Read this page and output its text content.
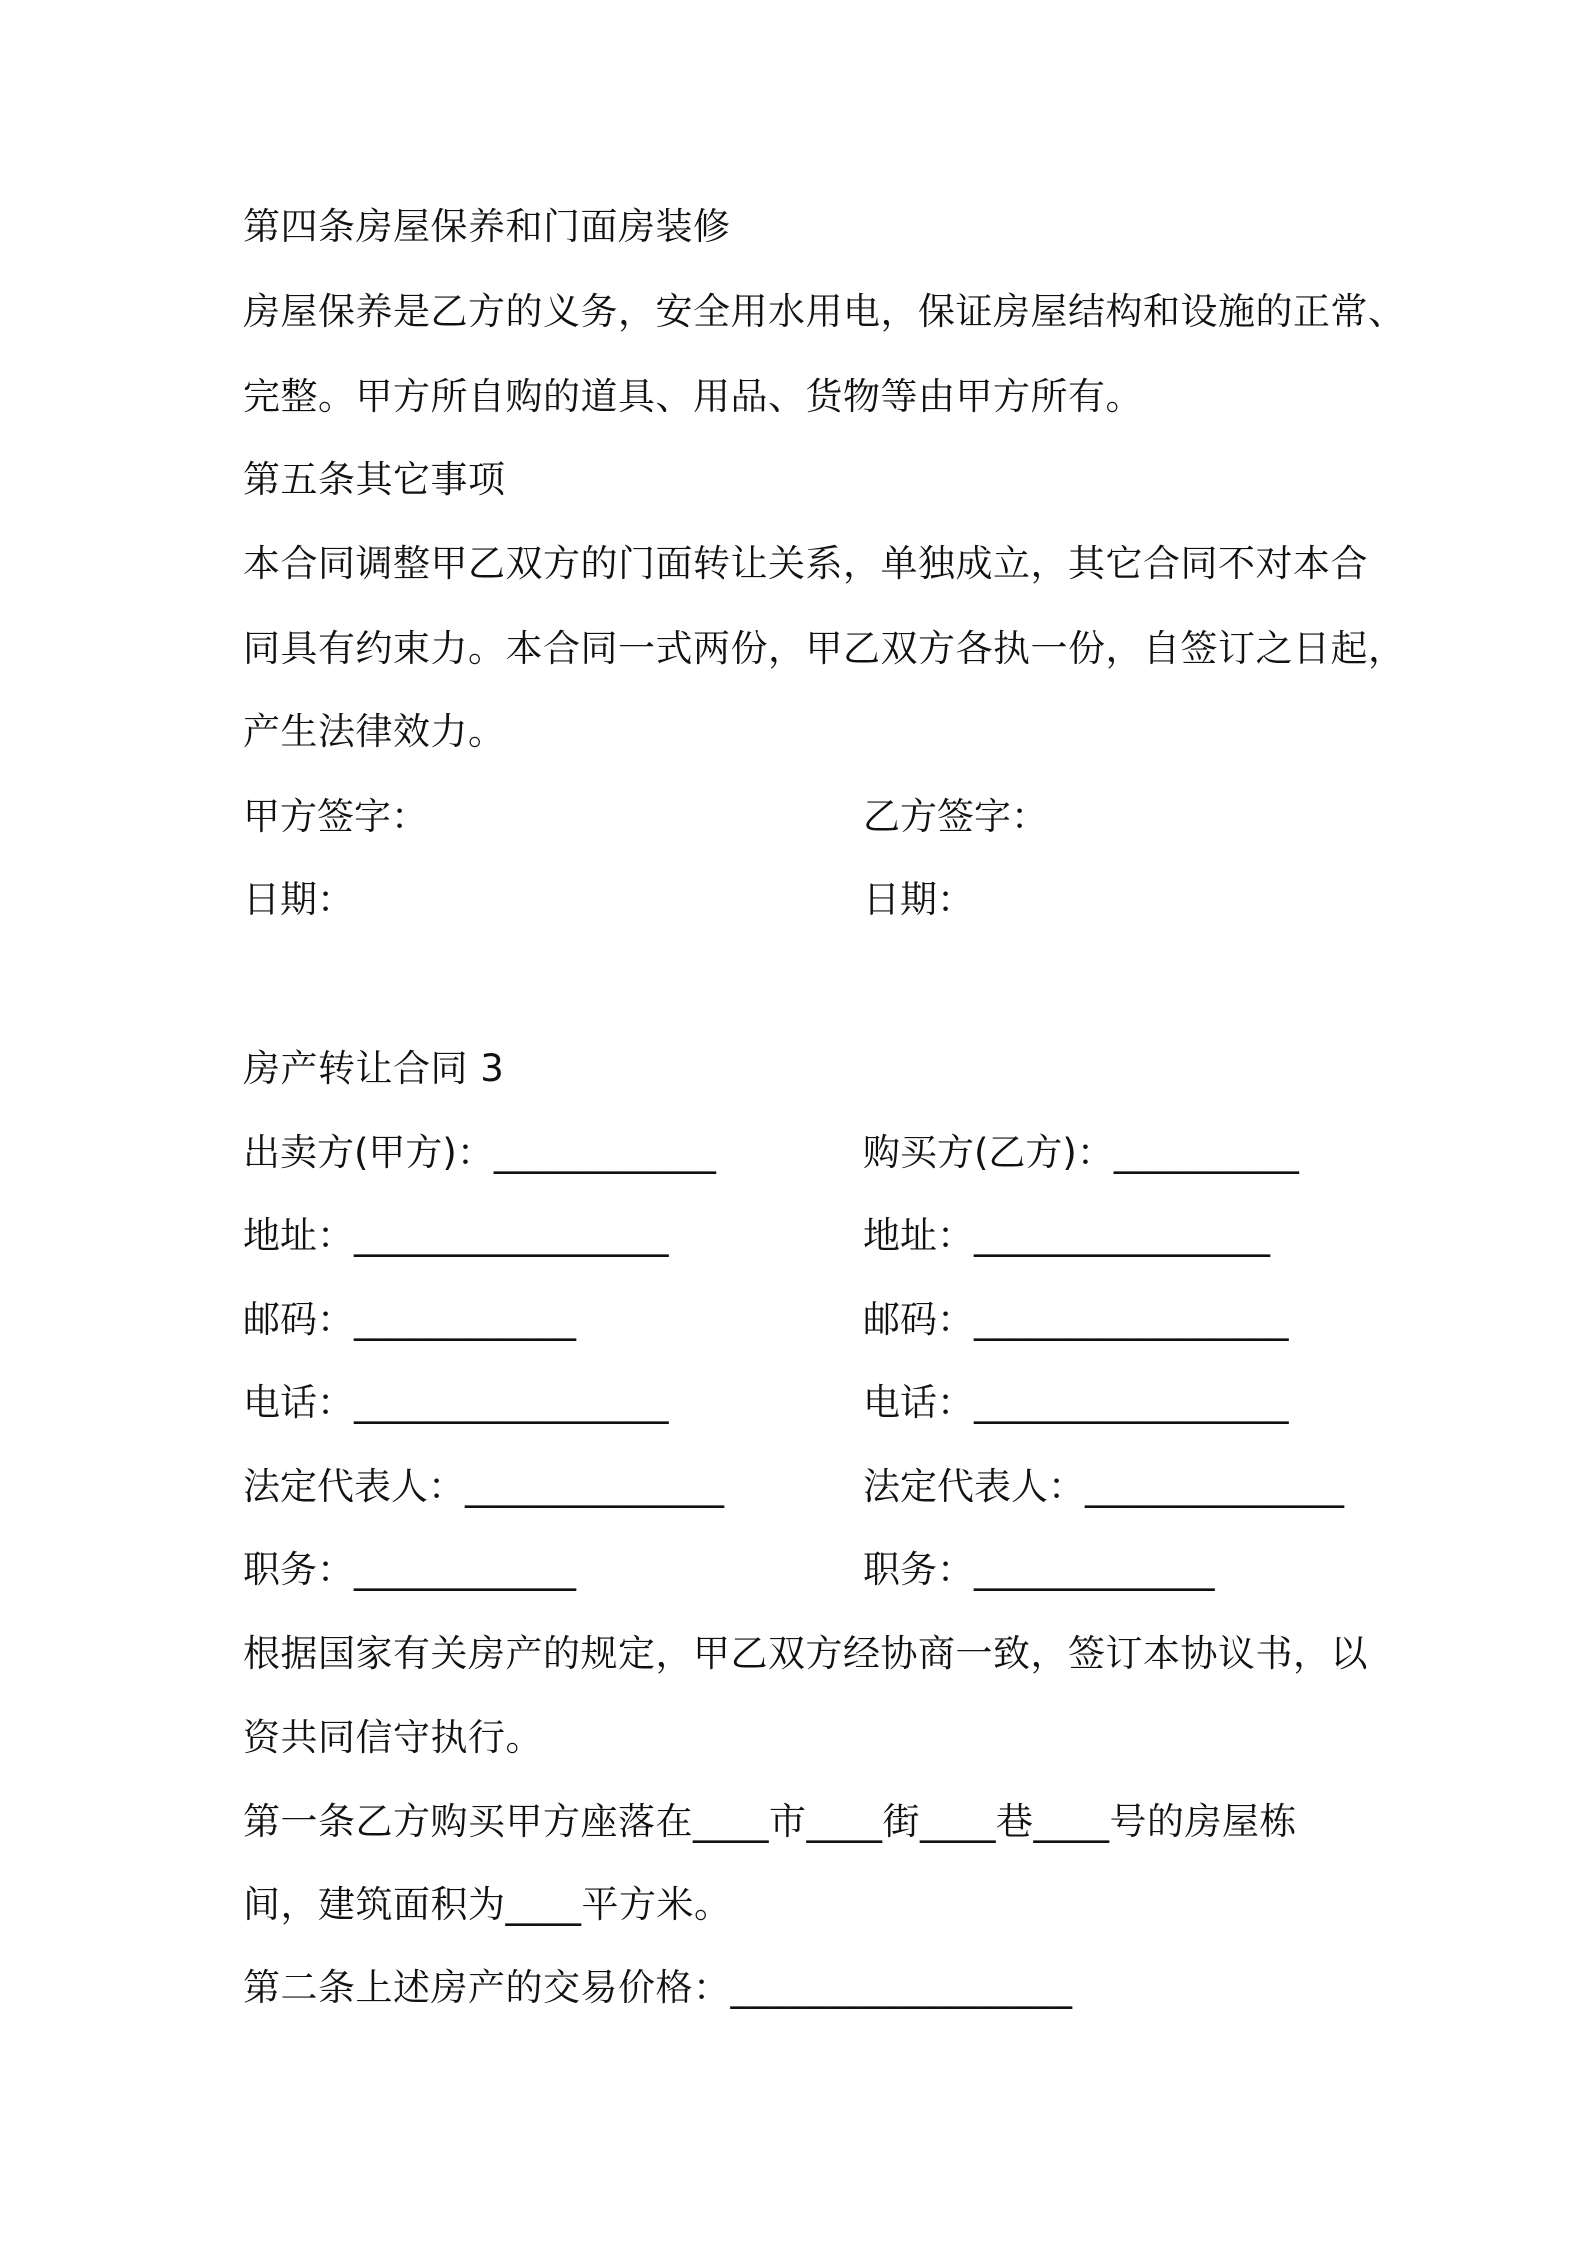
第四条房屋保养和门面房装修
房屋保养是乙方的义务，安全用水用电，保证房屋结构和设施的正常、
完整。甲方所自购的道具、用品、货物等由甲方所有。
第五条其它事项
本合同调整甲乙双方的门面转让关系，单独成立，其它合同不对本合
同具有约束力。本合同一式两份，甲乙双方各执一份，自签订之日起，
产生法律效力。
甲方签字：	乙方签字：
日期：	日期：
房产转让合同 3
出卖方(甲方)：____________	购买方(乙方)：__________
地址：_________________	地址：________________
邮码：____________	邮码：_________________
电话：_________________	电话：_________________
法定代表人：______________	法定代表人：______________
职务：____________	职务：_____________
根据国家有关房产的规定，甲乙双方经协商一致，签订本协议书，以
资共同信守执行。
第一条乙方购买甲方座落在____市____街____巷____号的房屋栋
间，建筑面积为____平方米。
第二条上述房产的交易价格：__________________
